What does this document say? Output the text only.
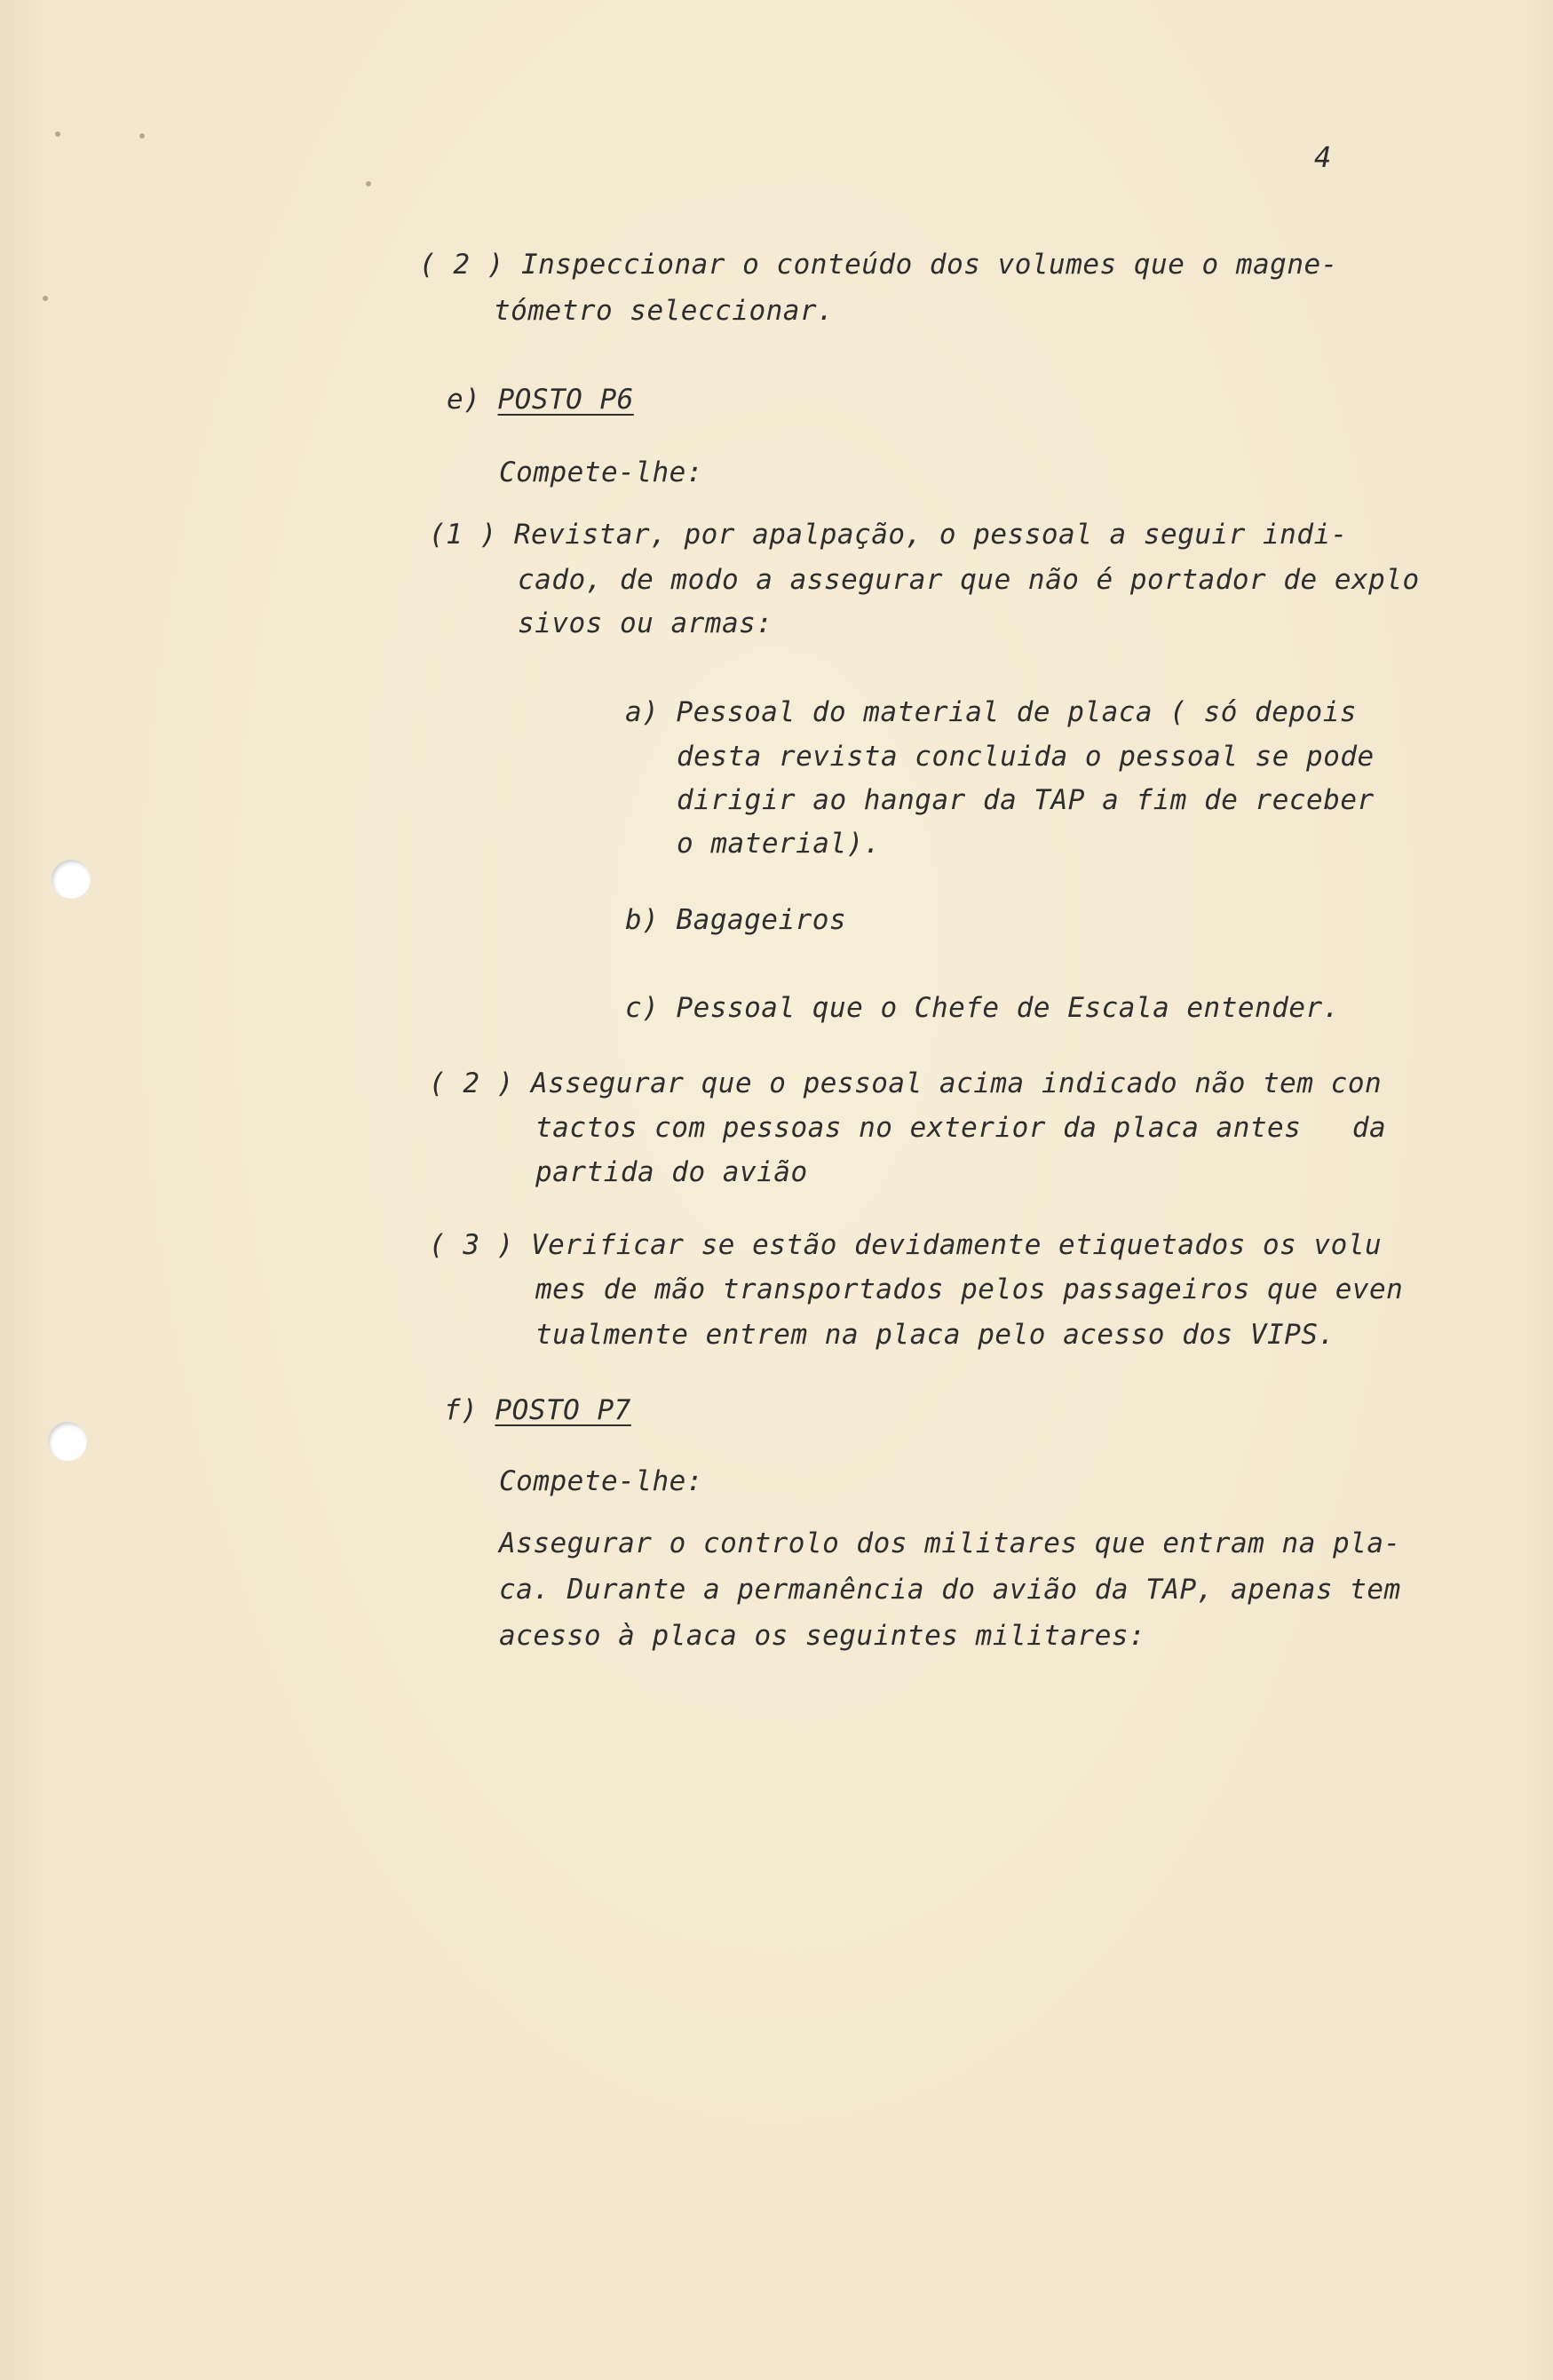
4
( 2 ) Inspeccionar o conteúdo dos volumes que o magne-
tómetro seleccionar.
e) POSTO P6
Compete-lhe:
(1 ) Revistar, por apalpação, o pessoal a seguir indi-
cado, de modo a assegurar que não é portador de explo
sivos ou armas:
a) Pessoal do material de placa ( só depois
desta revista concluida o pessoal se pode
dirigir ao hangar da TAP a fim de receber
o material).
b) Bagageiros
c) Pessoal que o Chefe de Escala entender.
( 2 ) Assegurar que o pessoal acima indicado não tem con
tactos com pessoas no exterior da placa antes   da
partida do avião
( 3 ) Verificar se estão devidamente etiquetados os volu
mes de mão transportados pelos passageiros que even
tualmente entrem na placa pelo acesso dos VIPS.
f) POSTO P7
Compete-lhe:
Assegurar o controlo dos militares que entram na pla-
ca. Durante a permanência do avião da TAP, apenas tem
acesso à placa os seguintes militares:
